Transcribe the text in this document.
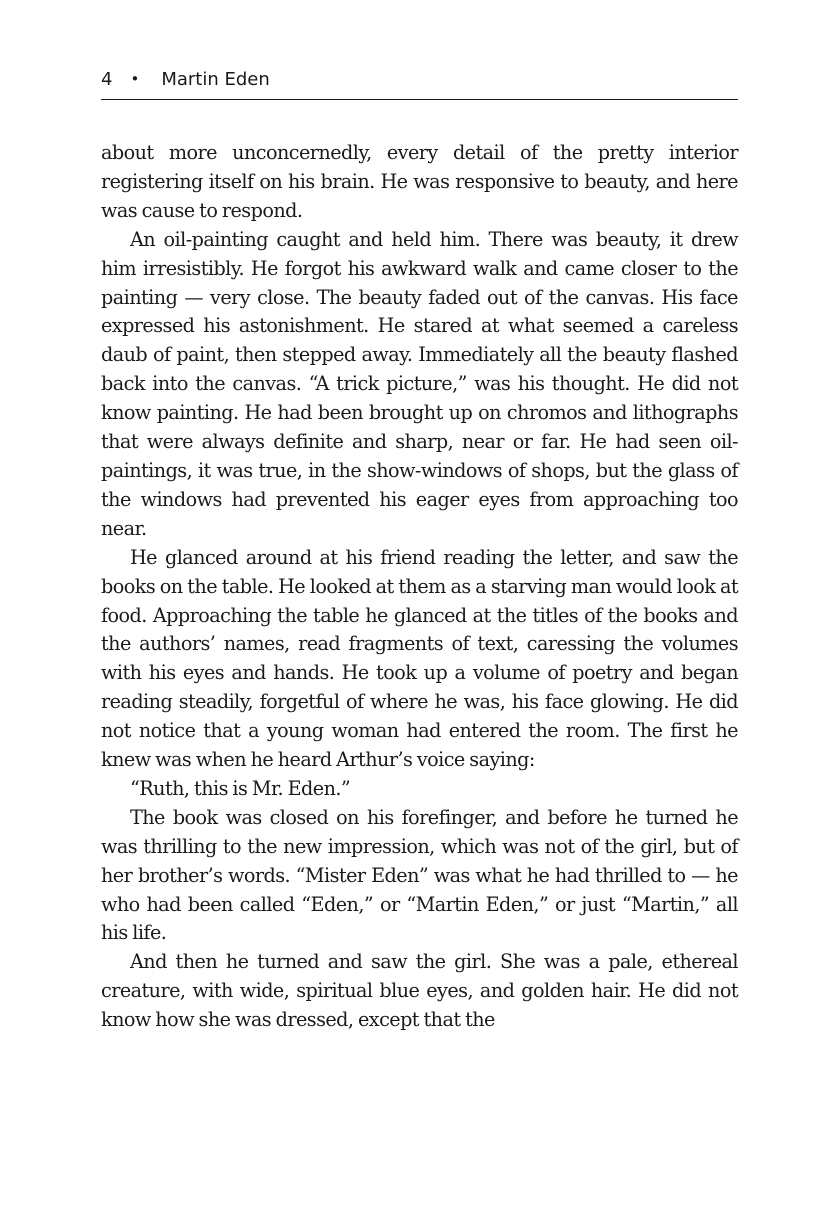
4 • Martin Eden

about more unconcernedly, every detail of the pretty interior registering itself on his brain. He was responsive to beauty, and here was cause to respond.

An oil-painting caught and held him. There was beauty, it drew him irresistibly. He forgot his awkward walk and came closer to the painting — very close. The beauty faded out of the canvas. His face expressed his astonishment. He stared at what seemed a careless daub of paint, then stepped away. Immediately all the beauty flashed back into the canvas. “A trick picture,” was his thought. He did not know painting. He had been brought up on chromos and lithographs that were always definite and sharp, near or far. He had seen oil-paintings, it was true, in the show-windows of shops, but the glass of the windows had prevented his eager eyes from approaching too near.

He glanced around at his friend reading the letter, and saw the books on the table. He looked at them as a starving man would look at food. Approaching the table he glanced at the titles of the books and the authors’ names, read fragments of text, caressing the volumes with his eyes and hands. He took up a volume of poetry and began reading steadily, forgetful of where he was, his face glowing. He did not notice that a young woman had entered the room. The first he knew was when he heard Arthur’s voice saying:

“Ruth, this is Mr. Eden.”

The book was closed on his forefinger, and before he turned he was thrilling to the new impression, which was not of the girl, but of her brother’s words. “Mister Eden” was what he had thrilled to — he who had been called “Eden,” or “Martin Eden,” or just “Martin,” all his life.

And then he turned and saw the girl. She was a pale, ethereal creature, with wide, spiritual blue eyes, and golden hair. He did not know how she was dressed, except that the
